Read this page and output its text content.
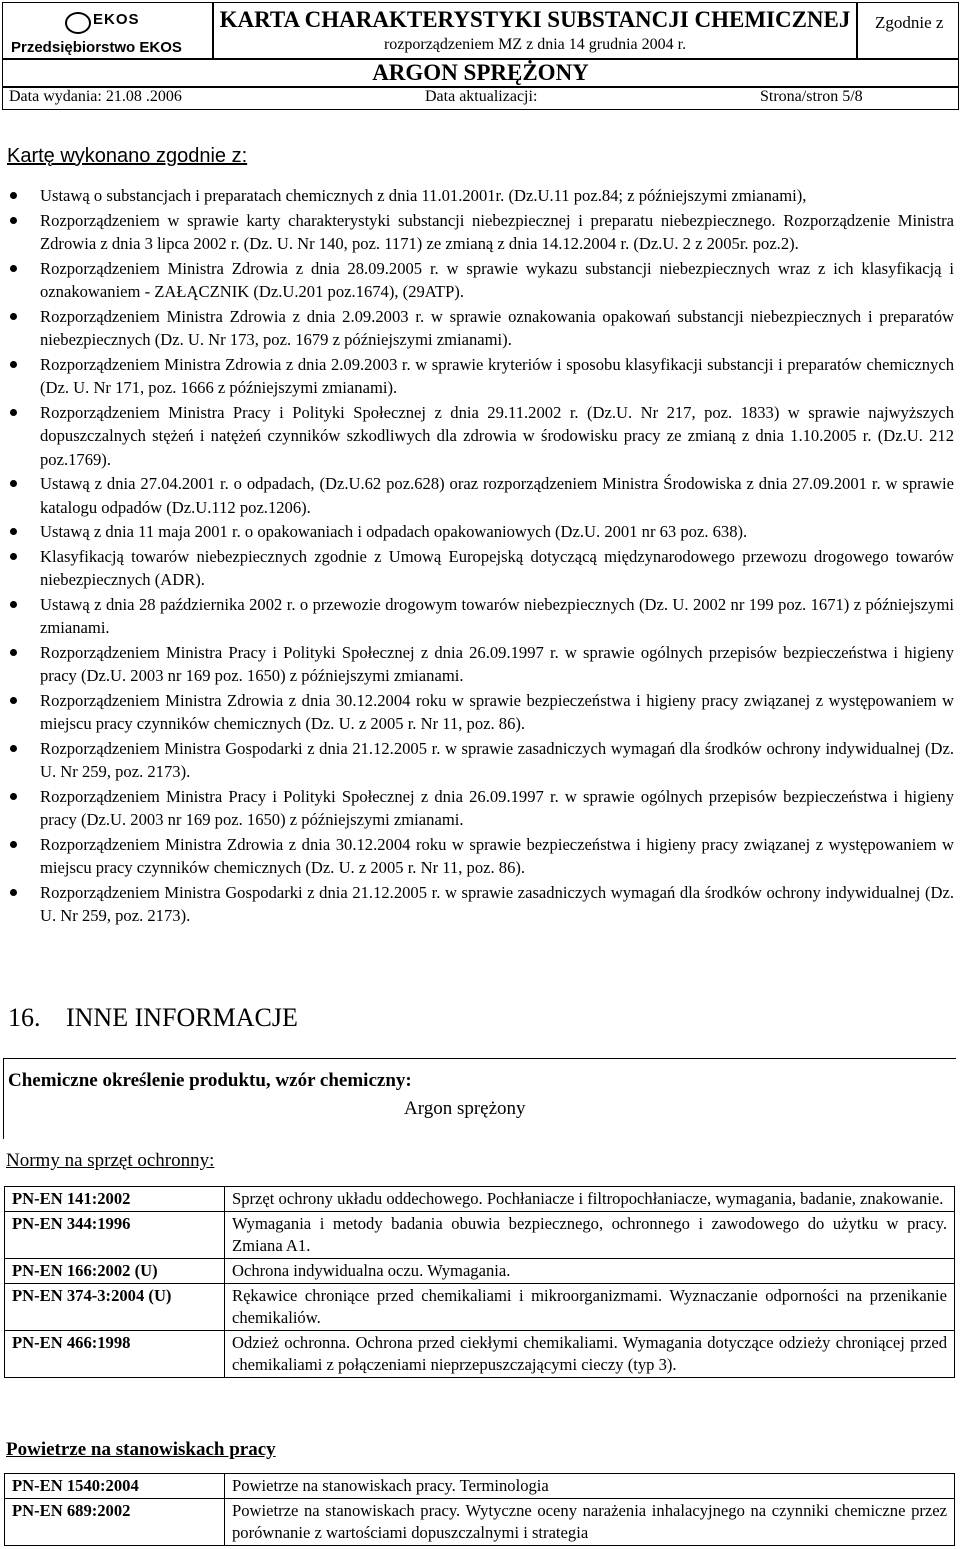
EKOS
Przedsiębiorstwo EKOS
KARTA CHARAKTERYSTYKI SUBSTANCJI CHEMICZNEJ
rozporządzeniem MZ z dnia 14 grudnia 2004 r.
Zgodnie z
ARGON SPRĘŻONY
Data wydania: 21.08 .2006	Data aktualizacji:	Strona/stron 5/8
Kartę wykonano zgodnie z:
Ustawą o substancjach i preparatach chemicznych z dnia 11.01.2001r. (Dz.U.11 poz.84; z późniejszymi zmianami),
Rozporządzeniem w sprawie karty charakterystyki substancji niebezpiecznej i preparatu niebezpiecznego. Rozporządzenie Ministra Zdrowia z dnia 3 lipca 2002 r. (Dz. U. Nr 140, poz. 1171) ze zmianą z dnia 14.12.2004 r. (Dz.U. 2 z 2005r. poz.2).
Rozporządzeniem Ministra Zdrowia z dnia 28.09.2005 r. w sprawie wykazu substancji niebezpiecznych wraz z ich klasyfikacją i oznakowaniem - ZAŁĄCZNIK (Dz.U.201 poz.1674), (29ATP).
Rozporządzeniem Ministra Zdrowia z dnia 2.09.2003 r. w sprawie oznakowania opakowań substancji niebezpiecznych i preparatów niebezpiecznych (Dz. U. Nr 173, poz. 1679 z późniejszymi zmianami).
Rozporządzeniem Ministra Zdrowia z dnia 2.09.2003 r. w sprawie kryteriów i sposobu klasyfikacji substancji i preparatów chemicznych (Dz. U. Nr 171, poz. 1666 z późniejszymi zmianami).
Rozporządzeniem Ministra Pracy i Polityki Społecznej z dnia 29.11.2002 r. (Dz.U. Nr 217, poz. 1833) w sprawie najwyższych dopuszczalnych stężeń i natężeń czynników szkodliwych dla zdrowia w środowisku pracy ze zmianą z dnia 1.10.2005 r. (Dz.U. 212 poz.1769).
Ustawą z dnia 27.04.2001 r. o odpadach, (Dz.U.62 poz.628) oraz rozporządzeniem Ministra Środowiska z dnia 27.09.2001 r. w sprawie katalogu odpadów (Dz.U.112 poz.1206).
Ustawą z dnia 11 maja 2001 r. o opakowaniach i odpadach opakowaniowych (Dz.U. 2001 nr 63 poz. 638).
Klasyfikacją towarów niebezpiecznych zgodnie z Umową Europejską dotyczącą międzynarodowego przewozu drogowego towarów niebezpiecznych (ADR).
Ustawą z dnia 28 października 2002 r. o przewozie drogowym towarów niebezpiecznych (Dz. U. 2002 nr 199 poz. 1671) z późniejszymi zmianami.
Rozporządzeniem Ministra Pracy i Polityki Społecznej z dnia 26.09.1997 r. w sprawie ogólnych przepisów bezpieczeństwa i higieny pracy (Dz.U. 2003 nr 169 poz. 1650) z późniejszymi zmianami.
Rozporządzeniem Ministra Zdrowia z dnia 30.12.2004 roku w sprawie bezpieczeństwa i higieny pracy związanej z występowaniem w miejscu pracy czynników chemicznych (Dz. U. z 2005 r. Nr 11, poz. 86).
Rozporządzeniem Ministra Gospodarki z dnia 21.12.2005 r. w sprawie zasadniczych wymagań dla środków ochrony indywidualnej (Dz. U. Nr 259, poz. 2173).
Rozporządzeniem Ministra Pracy i Polityki Społecznej z dnia 26.09.1997 r. w sprawie ogólnych przepisów bezpieczeństwa i higieny pracy (Dz.U. 2003 nr 169 poz. 1650) z późniejszymi zmianami.
Rozporządzeniem Ministra Zdrowia z dnia 30.12.2004 roku w sprawie bezpieczeństwa i higieny pracy związanej z występowaniem w miejscu pracy czynników chemicznych (Dz. U. z 2005 r. Nr 11, poz. 86).
Rozporządzeniem Ministra Gospodarki z dnia 21.12.2005 r. w sprawie zasadniczych wymagań dla środków ochrony indywidualnej (Dz. U. Nr 259, poz. 2173).
16. INNE INFORMACJE
Chemiczne określenie produktu, wzór chemiczny:
Argon sprężony
Normy na sprzęt ochronny:
PN-EN 141:2002	Sprzęt ochrony układu oddechowego. Pochłaniacze i filtropochłaniacze, wymagania, badanie, znakowanie.
PN-EN 344:1996	Wymagania i metody badania obuwia bezpiecznego, ochronnego i zawodowego do użytku w pracy. Zmiana A1.
PN-EN 166:2002 (U)	Ochrona indywidualna oczu. Wymagania.
PN-EN 374-3:2004 (U)	Rękawice chroniące przed chemikaliami i mikroorganizmami. Wyznaczanie odporności na przenikanie chemikaliów.
PN-EN 466:1998	Odzież ochronna. Ochrona przed ciekłymi chemikaliami. Wymagania dotyczące odzieży chroniącej przed chemikaliami z połączeniami nieprzepuszczającymi cieczy (typ 3).
Powietrze na stanowiskach pracy
PN-EN 1540:2004	Powietrze na stanowiskach pracy. Terminologia
PN-EN 689:2002	Powietrze na stanowiskach pracy. Wytyczne oceny narażenia inhalacyjnego na czynniki chemiczne przez porównanie z wartościami dopuszczalnymi i strategia
